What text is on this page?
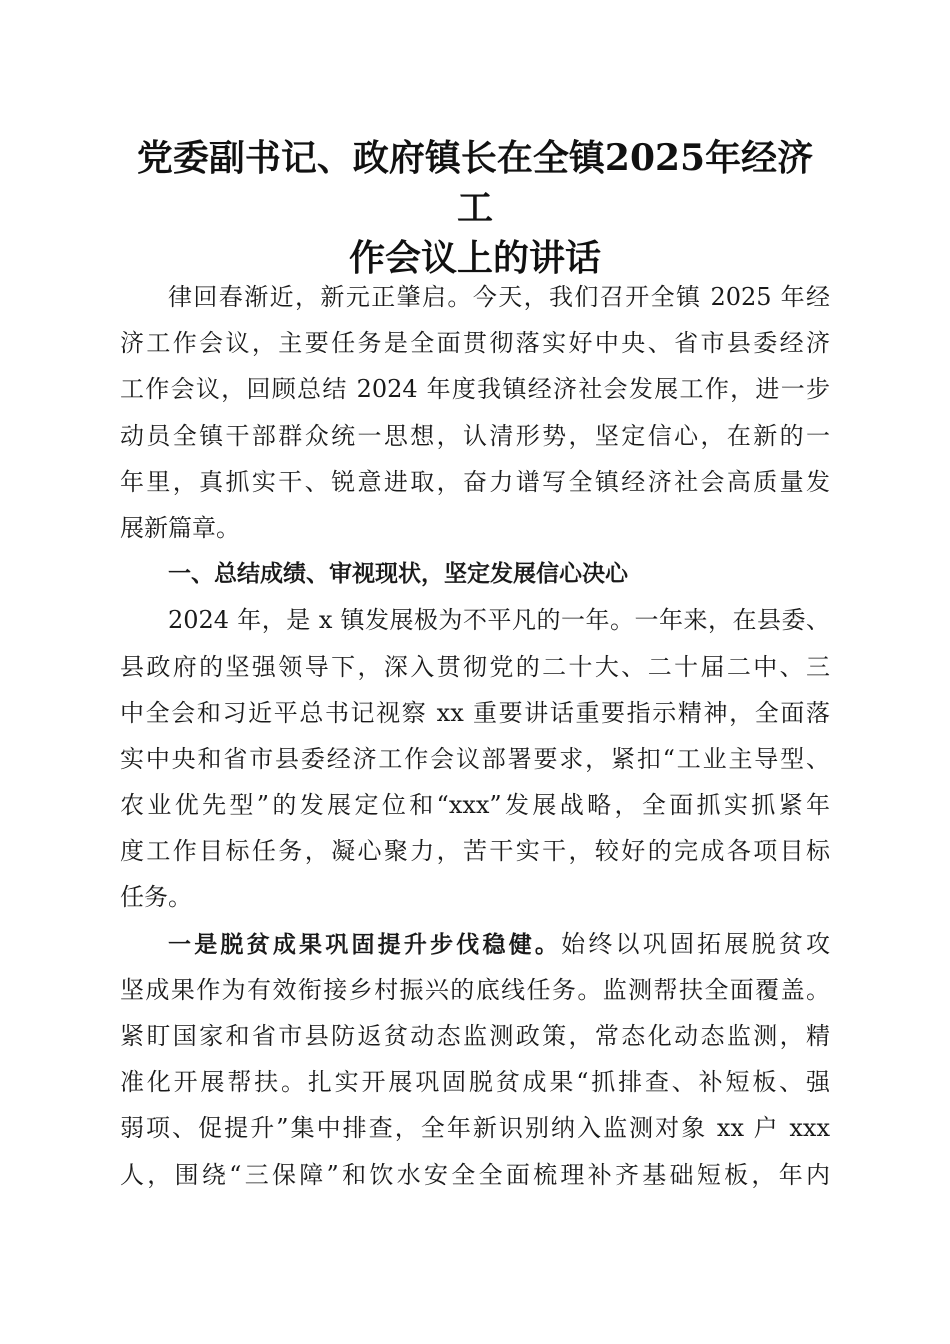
党委副书记、政府镇长在全镇2025年经济工
作会议上的讲话
律回春渐近，新元正肇启。今天，我们召开全镇 2025 年经
济工作会议，主要任务是全面贯彻落实好中央、省市县委经济
工作会议，回顾总结 2024 年度我镇经济社会发展工作，进一步
动员全镇干部群众统一思想，认清形势，坚定信心，在新的一
年里，真抓实干、锐意进取，奋力谱写全镇经济社会高质量发
展新篇章。
一、总结成绩、审视现状，坚定发展信心决心
2024 年，是 x 镇发展极为不平凡的一年。一年来，在县委、
县政府的坚强领导下，深入贯彻党的二十大、二十届二中、三
中全会和习近平总书记视察 xx 重要讲话重要指示精神，全面落
实中央和省市县委经济工作会议部署要求，紧扣“工业主导型、
农业优先型”的发展定位和“xxx”发展战略，全面抓实抓紧年
度工作目标任务，凝心聚力，苦干实干，较好的完成各项目标
任务。
一是脱贫成果巩固提升步伐稳健。始终以巩固拓展脱贫攻
坚成果作为有效衔接乡村振兴的底线任务。监测帮扶全面覆盖。
紧盯国家和省市县防返贫动态监测政策，常态化动态监测，精
准化开展帮扶。扎实开展巩固脱贫成果“抓排查、补短板、强
弱项、促提升”集中排查，全年新识别纳入监测对象 xx 户 xxx
人，围绕“三保障”和饮水安全全面梳理补齐基础短板，年内
